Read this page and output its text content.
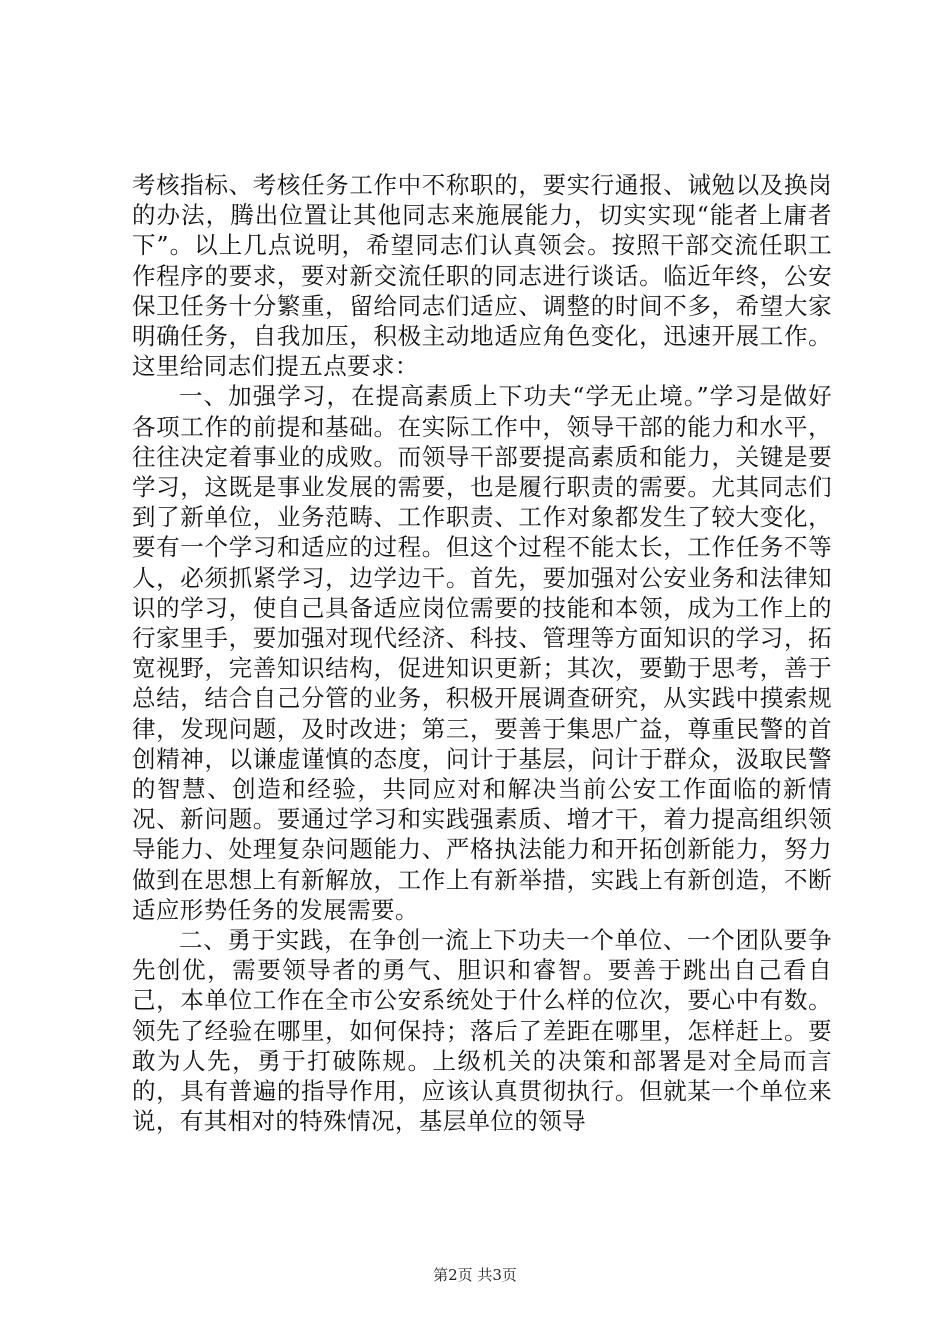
考核指标、考核任务工作中不称职的，要实行通报、诫勉以及换岗的办法，腾出位置让其他同志来施展能力，切实实现“能者上庸者下”。以上几点说明，希望同志们认真领会。按照干部交流任职工作程序的要求，要对新交流任职的同志进行谈话。临近年终，公安保卫任务十分繁重，留给同志们适应、调整的时间不多，希望大家明确任务，自我加压，积极主动地适应角色变化，迅速开展工作。这里给同志们提五点要求：

一、加强学习，在提高素质上下功夫“学无止境。”学习是做好各项工作的前提和基础。在实际工作中，领导干部的能力和水平，往往决定着事业的成败。而领导干部要提高素质和能力，关键是要学习，这既是事业发展的需要，也是履行职责的需要。尤其同志们到了新单位，业务范畴、工作职责、工作对象都发生了较大变化，要有一个学习和适应的过程。但这个过程不能太长，工作任务不等人，必须抓紧学习，边学边干。首先，要加强对公安业务和法律知识的学习，使自己具备适应岗位需要的技能和本领，成为工作上的行家里手，要加强对现代经济、科技、管理等方面知识的学习，拓宽视野，完善知识结构，促进知识更新；其次，要勤于思考，善于总结，结合自己分管的业务，积极开展调查研究，从实践中摸索规律，发现问题，及时改进；第三，要善于集思广益，尊重民警的首创精神，以谦虚谨慎的态度，问计于基层，问计于群众，汲取民警的智慧、创造和经验，共同应对和解决当前公安工作面临的新情况、新问题。要通过学习和实践强素质、增才干，着力提高组织领导能力、处理复杂问题能力、严格执法能力和开拓创新能力，努力做到在思想上有新解放，工作上有新举措，实践上有新创造，不断适应形势任务的发展需要。

二、勇于实践，在争创一流上下功夫一个单位、一个团队要争先创优，需要领导者的勇气、胆识和睿智。要善于跳出自己看自己，本单位工作在全市公安系统处于什么样的位次，要心中有数。领先了经验在哪里，如何保持；落后了差距在哪里，怎样赶上。要敢为人先，勇于打破陈规。上级机关的决策和部署是对全局而言的，具有普遍的指导作用，应该认真贯彻执行。但就某一个单位来说，有其相对的特殊情况，基层单位的领导

第2页 共3页
